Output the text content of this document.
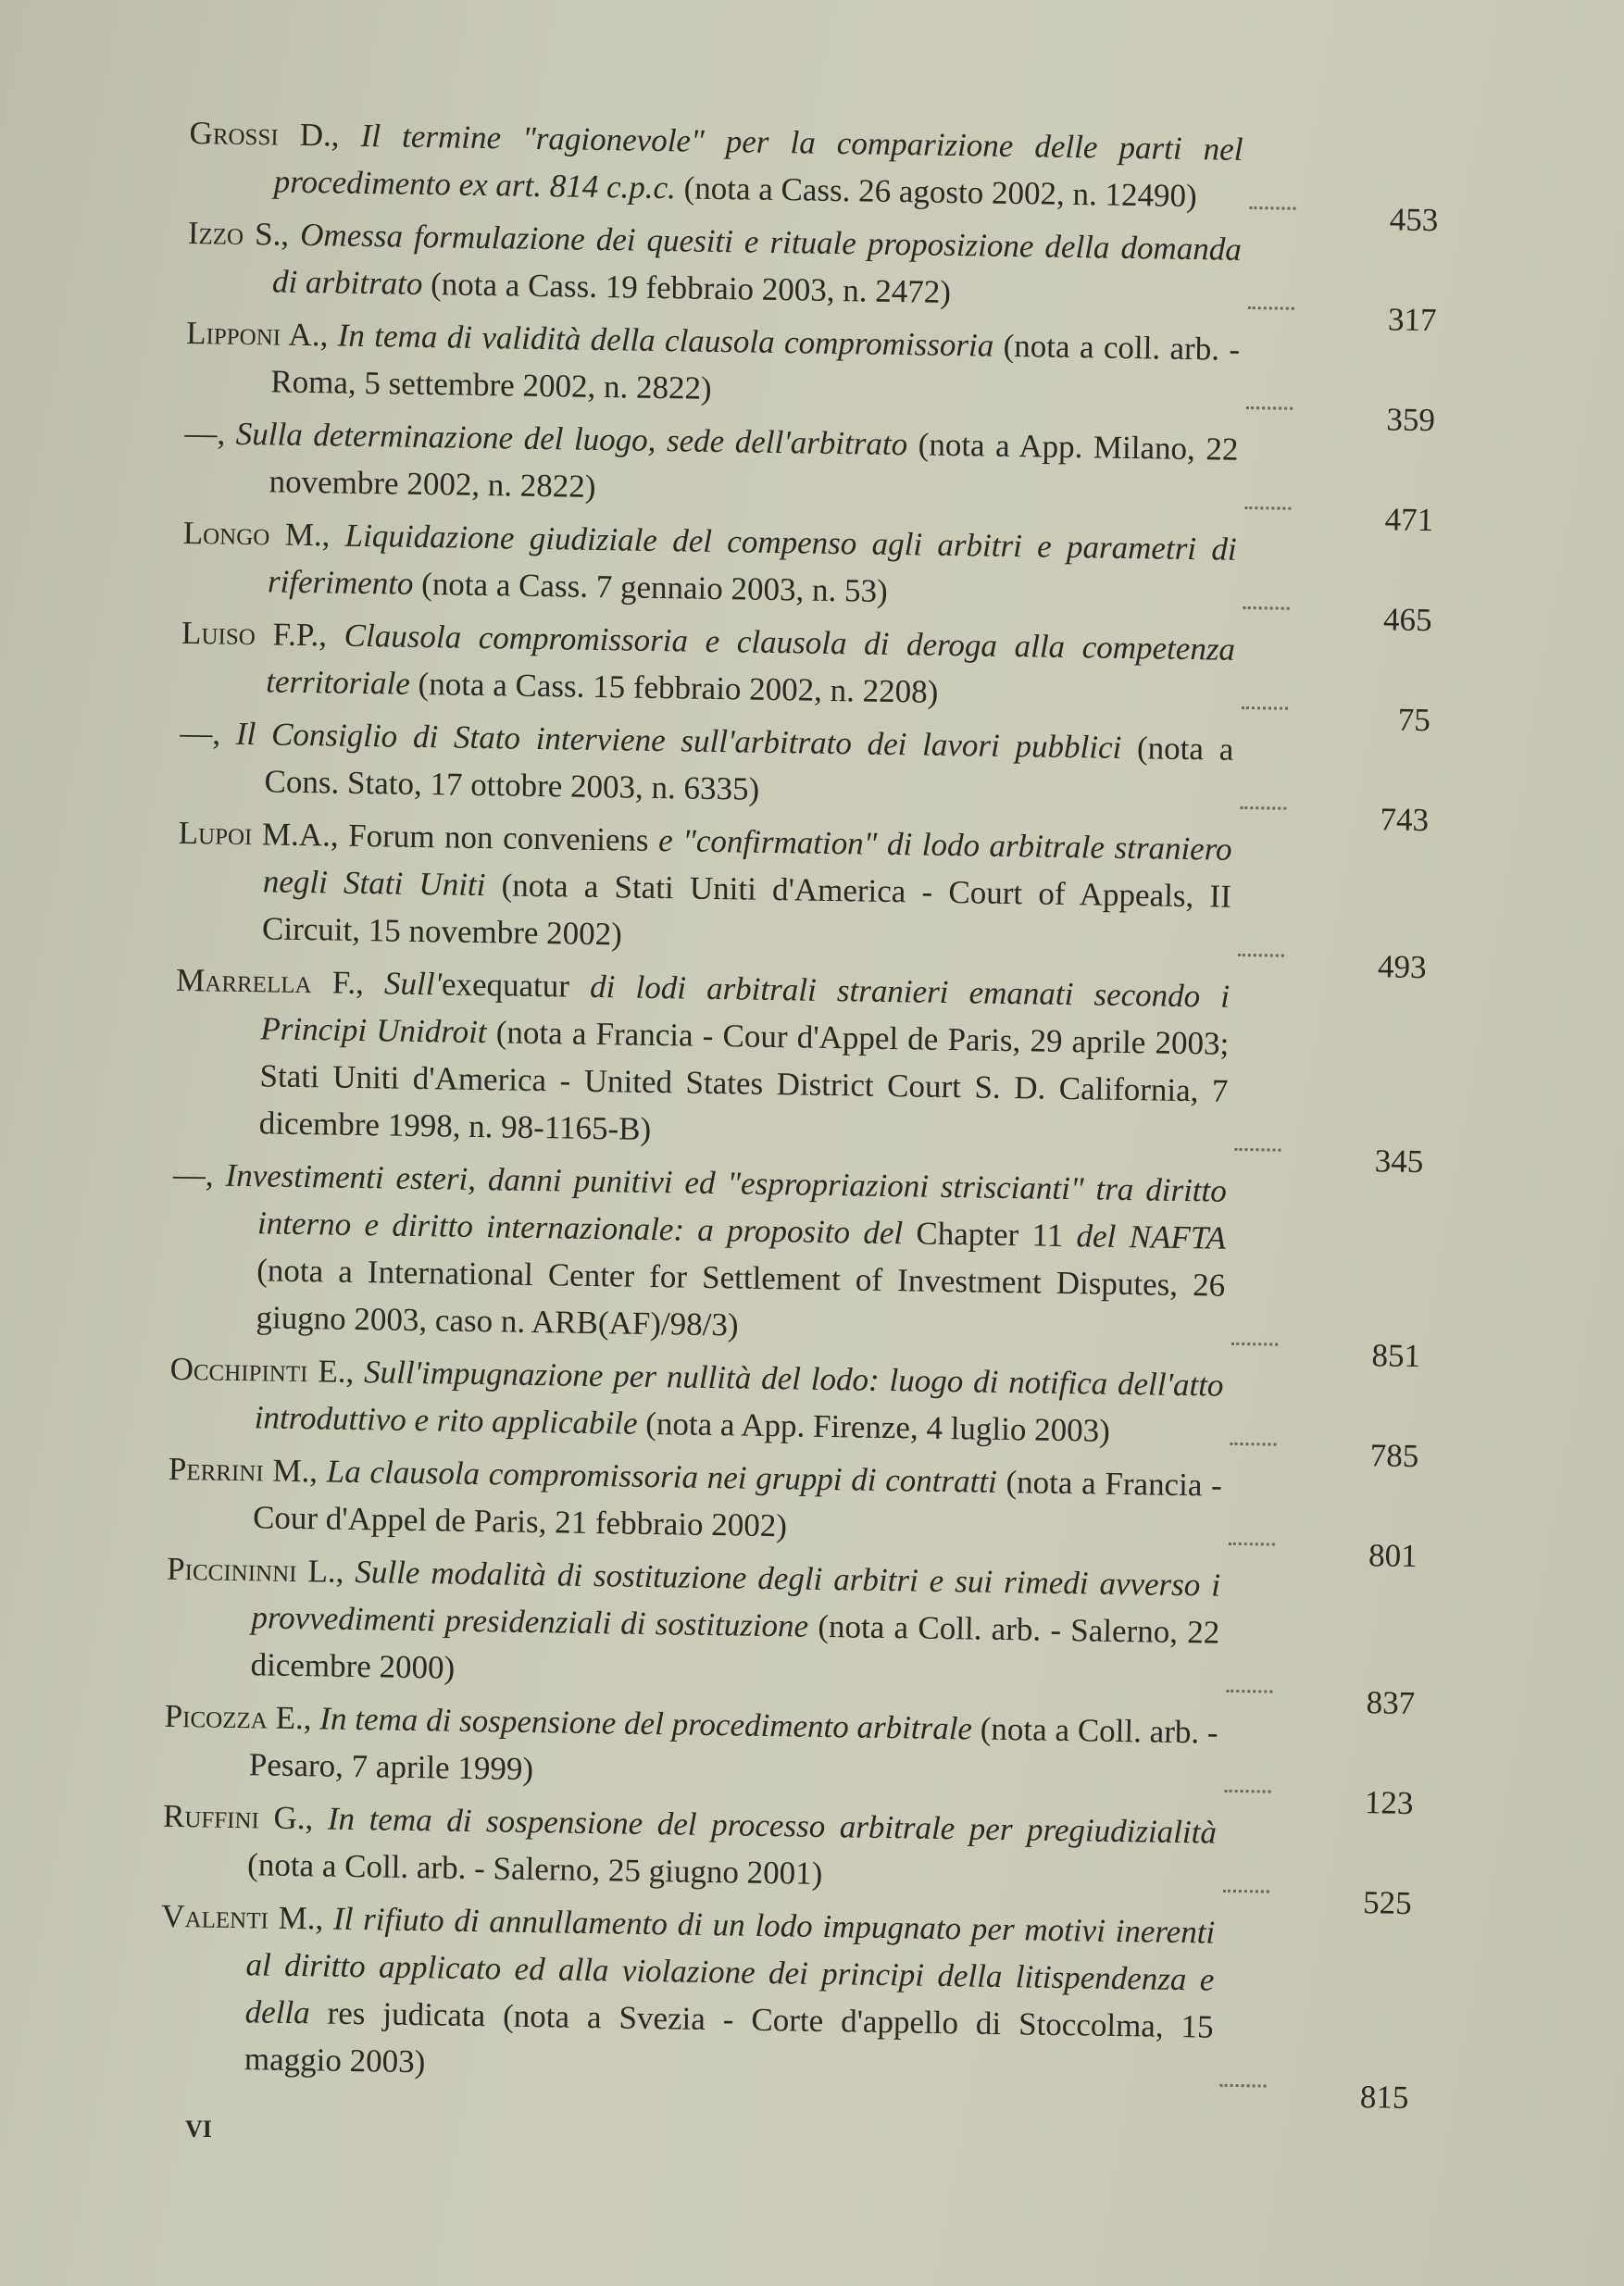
Grossi D., Il termine "ragionevole" per la comparizione delle parti nel procedimento ex art. 814 c.p.c. (nota a Cass. 26 agosto 2002, n. 12490)
453
Izzo S., Omessa formulazione dei quesiti e rituale proposizione della domanda di arbitrato (nota a Cass. 19 febbraio 2003, n. 2472)
317
Lipponi A., In tema di validità della clausola compromissoria (nota a coll. arb. - Roma, 5 settembre 2002, n. 2822)
359
—, Sulla determinazione del luogo, sede dell'arbitrato (nota a App. Milano, 22 novembre 2002, n. 2822)
471
Longo M., Liquidazione giudiziale del compenso agli arbitri e parametri di riferimento (nota a Cass. 7 gennaio 2003, n. 53)
465
Luiso F.P., Clausola compromissoria e clausola di deroga alla competenza territoriale (nota a Cass. 15 febbraio 2002, n. 2208)
75
—, Il Consiglio di Stato interviene sull'arbitrato dei lavori pubblici (nota a Cons. Stato, 17 ottobre 2003, n. 6335)
743
Lupoi M.A., Forum non conveniens e "confirmation" di lodo arbitrale straniero negli Stati Uniti (nota a Stati Uniti d'America - Court of Appeals, II Circuit, 15 novembre 2002)
493
Marrella F., Sull'exequatur di lodi arbitrali stranieri emanati secondo i Principi Unidroit (nota a Francia - Cour d'Appel de Paris, 29 aprile 2003; Stati Uniti d'America - United States District Court S. D. California, 7 dicembre 1998, n. 98-1165-B)
345
—, Investimenti esteri, danni punitivi ed "espropriazioni striscianti" tra diritto interno e diritto internazionale: a proposito del Chapter 11 del NAFTA (nota a International Center for Settlement of Investment Disputes, 26 giugno 2003, caso n. ARB(AF)/98/3)
851
Occhipinti E., Sull'impugnazione per nullità del lodo: luogo di notifica dell'atto introduttivo e rito applicabile (nota a App. Firenze, 4 luglio 2003)
785
Perrini M., La clausola compromissoria nei gruppi di contratti (nota a Francia - Cour d'Appel de Paris, 21 febbraio 2002)
801
Piccininni L., Sulle modalità di sostituzione degli arbitri e sui rimedi avverso i provvedimenti presidenziali di sostituzione (nota a Coll. arb. - Salerno, 22 dicembre 2000)
837
Picozza E., In tema di sospensione del procedimento arbitrale (nota a Coll. arb. - Pesaro, 7 aprile 1999)
123
Ruffini G., In tema di sospensione del processo arbitrale per pregiudizialità (nota a Coll. arb. - Salerno, 25 giugno 2001)
525
Valenti M., Il rifiuto di annullamento di un lodo impugnato per motivi inerenti al diritto applicato ed alla violazione dei principi della litispendenza e della res judicata (nota a Svezia - Corte d'appello di Stoccolma, 15 maggio 2003)
815
VI
